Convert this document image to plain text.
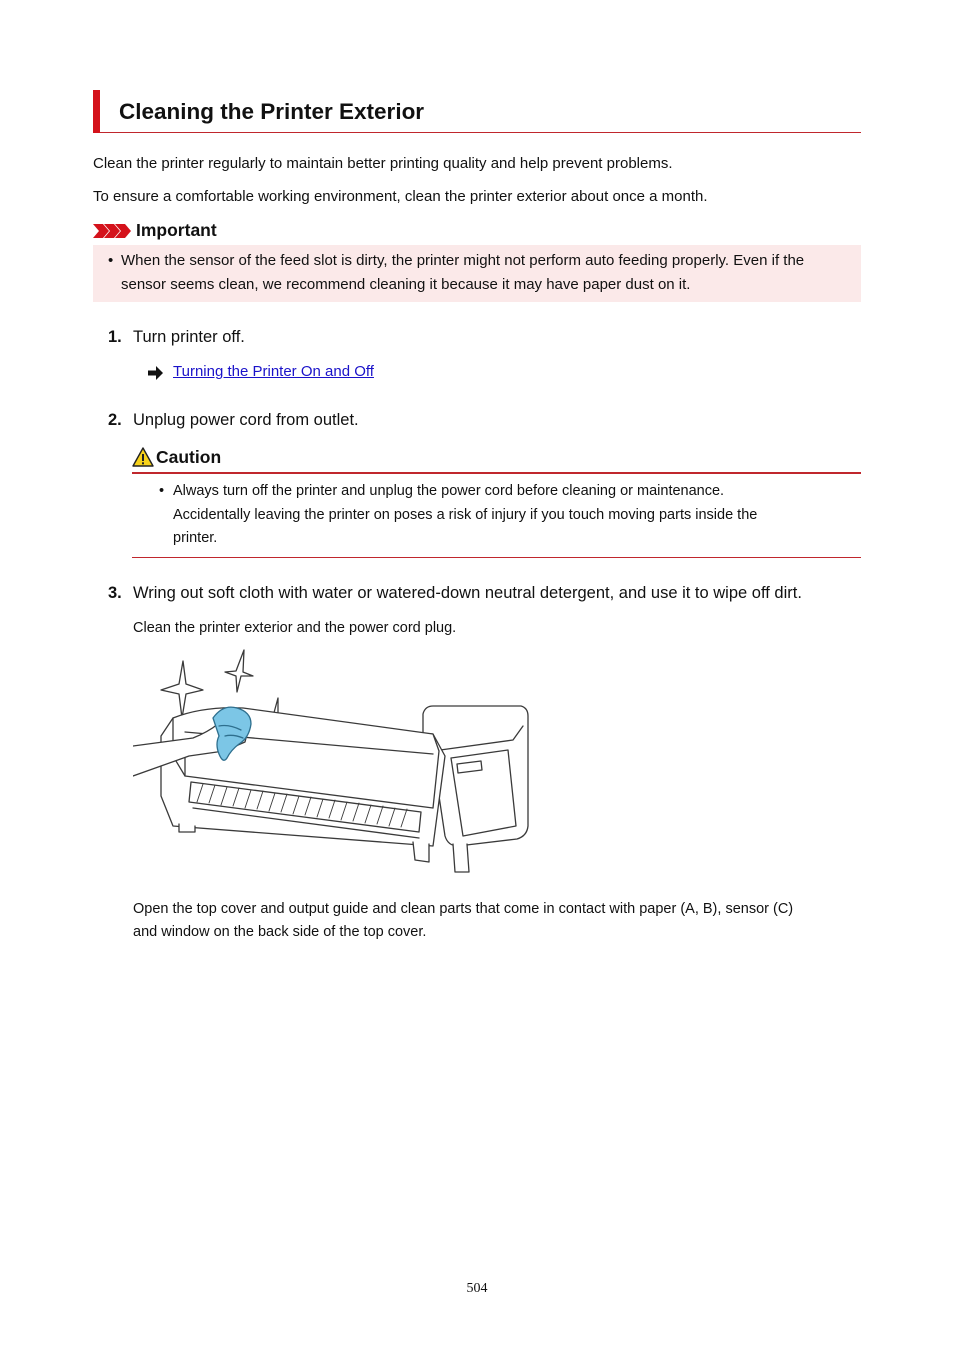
Cleaning the Printer Exterior

Clean the printer regularly to maintain better printing quality and help prevent problems.

To ensure a comfortable working environment, clean the printer exterior about once a month.

Important
• When the sensor of the feed slot is dirty, the printer might not perform auto feeding properly. Even if the
sensor seems clean, we recommend cleaning it because it may have paper dust on it.
1. Turn printer off.
Turning the Printer On and Off
2. Unplug power cord from outlet.
Caution
• Always turn off the printer and unplug the power cord before cleaning or maintenance.
Accidentally leaving the printer on poses a risk of injury if you touch moving parts inside the
printer.
3. Wring out soft cloth with water or watered-down neutral detergent, and use it to wipe off dirt.

Clean the printer exterior and the power cord plug.

Open the top cover and output guide and clean parts that come in contact with paper (A, B), sensor (C)

and window on the back side of the top cover.

504
